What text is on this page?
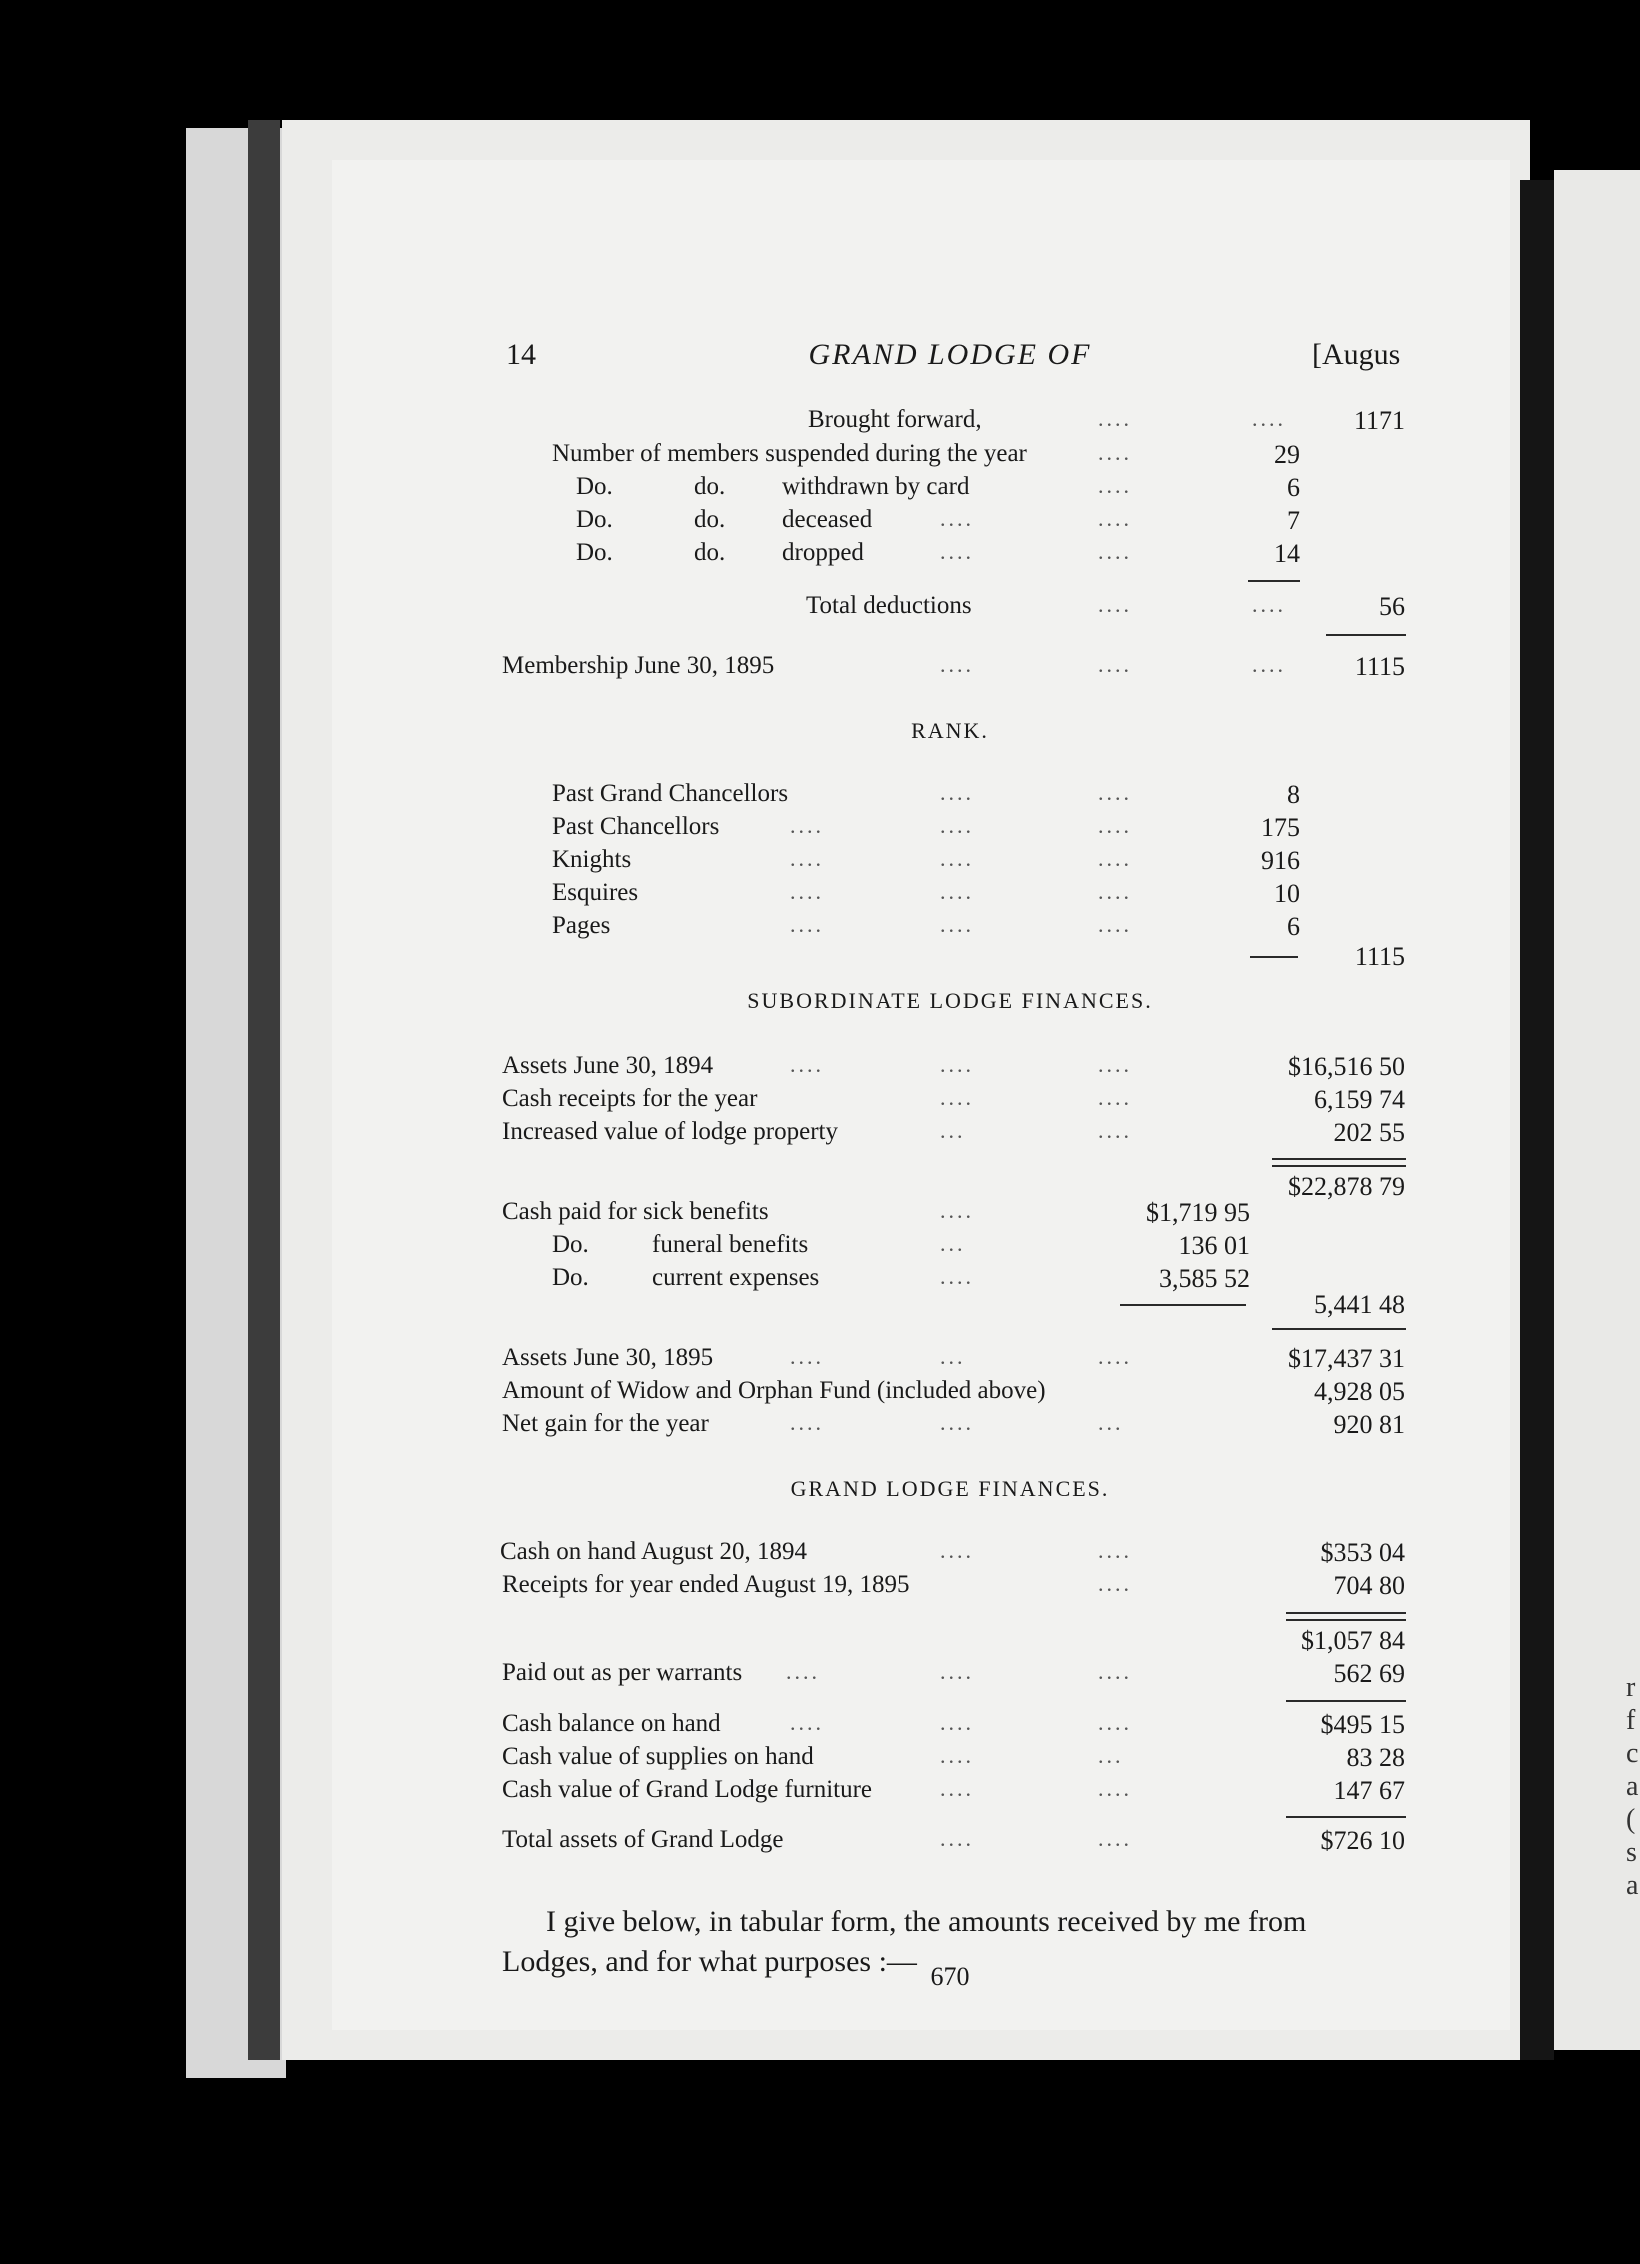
r
f
c
a
(
s
a
14	GRAND LODGE OF	[Augus
Brought forward,	....	....	1171
Number of members suspended during the year	....	29
Do.	do. withdrawn by card	....	6
Do.	do. deceased	....	....	7
Do.	do. dropped	....	....	14
Total deductions	....	....	56
Membership June 30, 1895	....	....	....	1115
RANK.
Past Grand Chancellors	....	....	8
Past Chancellors	....	....	....	175
Knights	....	....	....	916
Esquires	....	....	....	10
Pages	....	....	....	6
1115
SUBORDINATE LODGE FINANCES.
Assets June 30, 1894	....	....	....	$16,516 50
Cash receipts for the year	....	....	6,159 74
Increased value of lodge property	...	....	202 55
$22,878 79
Cash paid for sick benefits	....	$1,719 95
Do.	funeral benefits	...	136 01
Do.	current expenses	....	3,585 52
5,441 48
Assets June 30, 1895	....	...	....	$17,437 31
Amount of Widow and Orphan Fund (included above)	4,928 05
Net gain for the year	....	....	...	920 81
GRAND LODGE FINANCES.
Cash on hand August 20, 1894	....	....	$353 04
Receipts for year ended August 19, 1895	....	704 80
$1,057 84
Paid out as per warrants ....	....	....	562 69
Cash balance on hand	....	....	....	$495 15
Cash value of supplies on hand	....	...	83 28
Cash value of Grand Lodge furniture	....	....	147 67
Total assets of Grand Lodge	....	....	$726 10

I give below, in tabular form, the amounts received by me from Lodges, and for what purposes :— 670
